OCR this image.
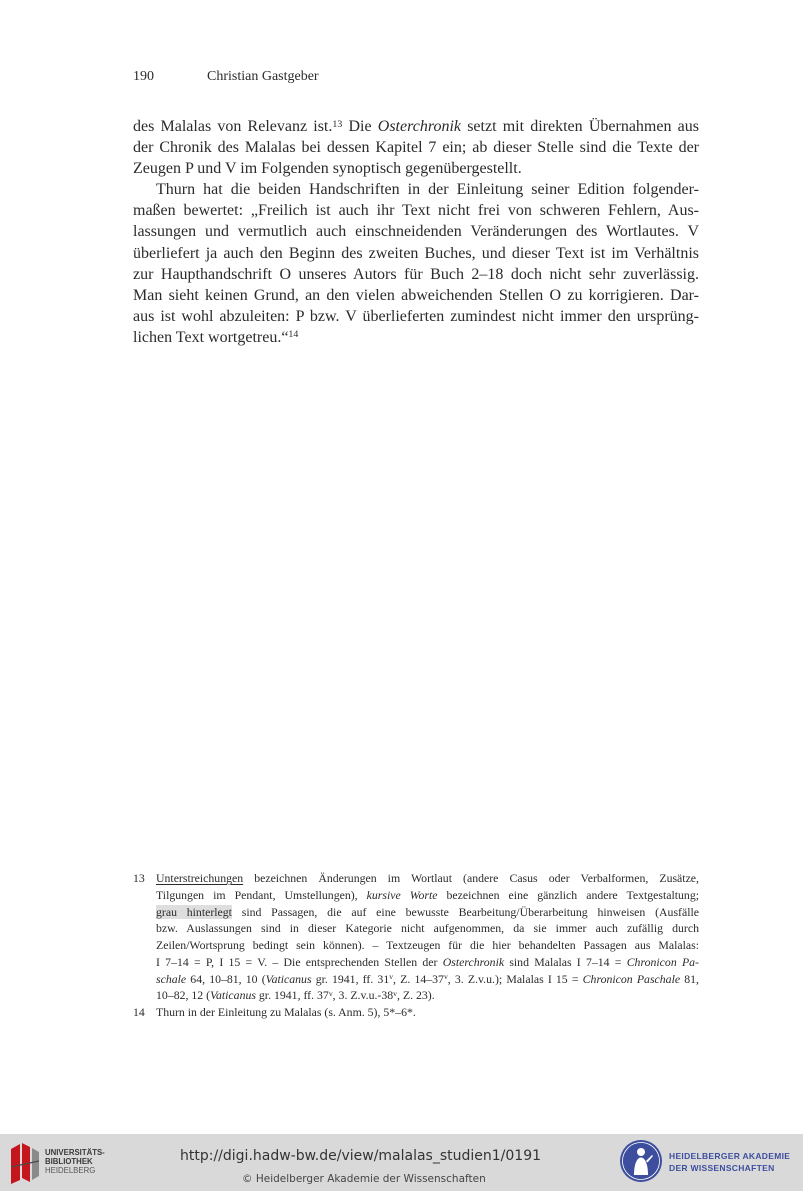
190	Christian Gastgeber
des Malalas von Relevanz ist.$^{13}$ Die Osterchronik setzt mit direkten Übernahmen aus
der Chronik des Malalas bei dessen Kapitel 7 ein; ab dieser Stelle sind die Texte der
Zeugen P und V im Folgenden synoptisch gegenübergestellt.
Thurn hat die beiden Handschriften in der Einleitung seiner Edition folgender-
maßen bewertet: „Freilich ist auch ihr Text nicht frei von schweren Fehlern, Aus-
lassungen und vermutlich auch einschneidenden Veränderungen des Wortlautes. V
überliefert ja auch den Beginn des zweiten Buches, und dieser Text ist im Verhältnis
zur Haupthandschrift O unseres Autors für Buch 2–18 doch nicht sehr zuverlässig.
Man sieht keinen Grund, an den vielen abweichenden Stellen O zu korrigieren. Dar-
aus ist wohl abzuleiten: P bzw. V überlieferten zumindest nicht immer den ursprüng-
lichen Text wortgetreu.“$^{14}$
13 Unterstreichungen bezeichnen Änderungen im Wortlaut (andere Casus oder Verbalformen, Zusätze,
Tilgungen im Pendant, Umstellungen), kursive Worte bezeichnen eine gänzlich andere Textgestaltung;
grau hinterlegt sind Passagen, die auf eine bewusste Bearbeitung/Überarbeitung hinweisen (Ausfälle
bzw. Auslassungen sind in dieser Kategorie nicht aufgenommen, da sie immer auch zufällig durch
Zeilen/Wortsprung bedingt sein können). – Textzeugen für die hier behandelten Passagen aus Malalas:
I 7–14 = P, I 15 = V. – Die entsprechenden Stellen der Osterchronik sind Malalas I 7–14 = Chronicon Pa-
schale 64, 10–81, 10 (Vaticanus gr. 1941, ff. 31$^v$, Z. 14–37$^v$, 3. Z.v.u.); Malalas I 15 = Chronicon Paschale 81,
10–82, 12 (Vaticanus gr. 1941, ff. 37$^v$, 3. Z.v.u.-38$^v$, Z. 23).
14 Thurn in der Einleitung zu Malalas (s. Anm. 5), 5*–6*.
UNIVERSITÄTS-
BIBLIOTHEK
HEIDELBERG
http://digi.hadw-bw.de/view/malalas_studien1/0191
© Heidelberger Akademie der Wissenschaften
HEIDELBERGER AKADEMIE
DER WISSENSCHAFTEN
